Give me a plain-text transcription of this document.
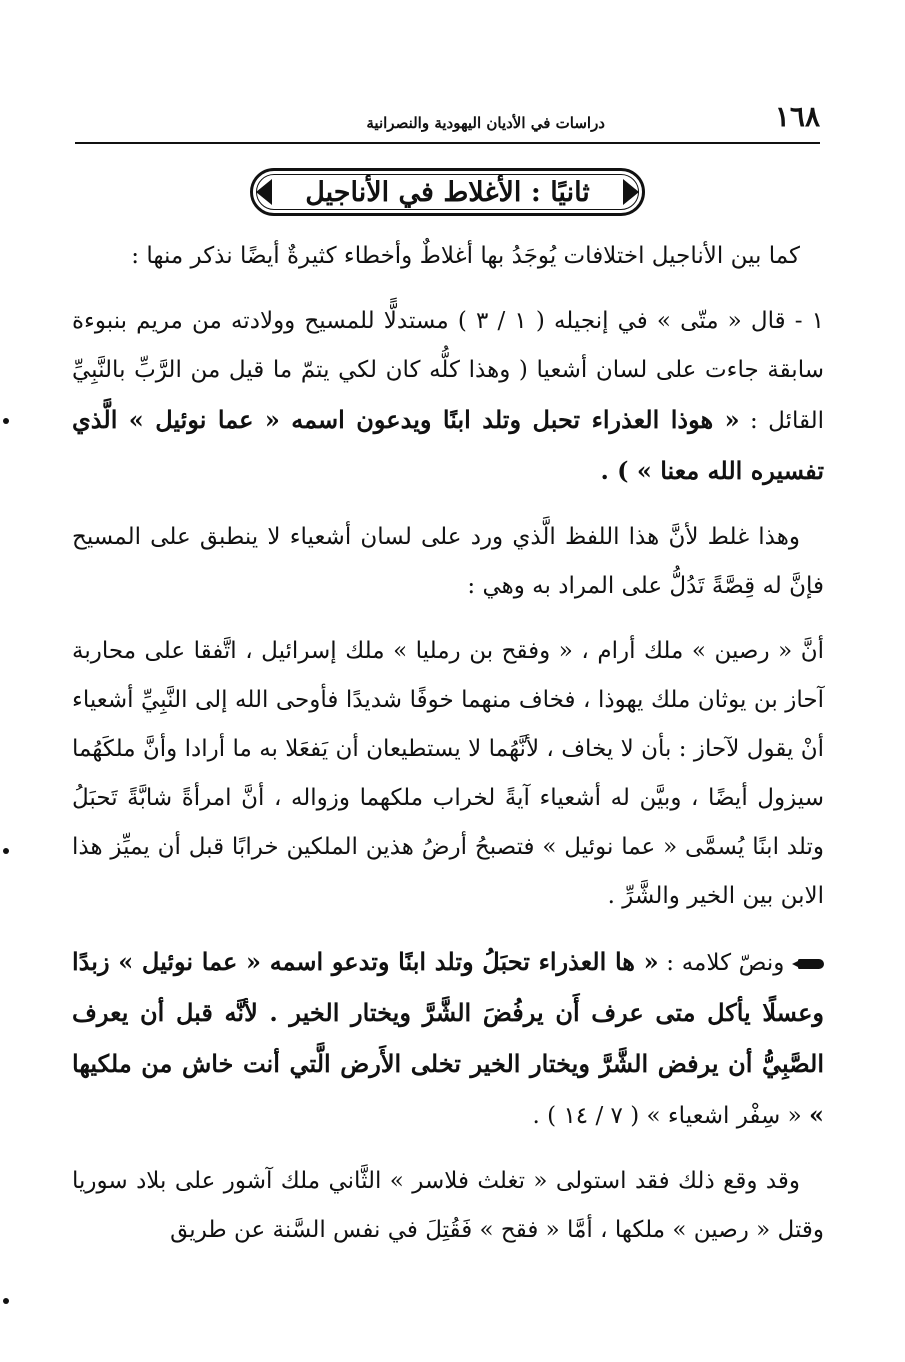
١٦٨
دراسات في الأديان اليهودية والنصرانية
ثانيًا : الأغلاط في الأناجيل

كما بين الأناجيل اختلافات يُوجَدُ بها أغلاطٌ وأخطاء كثيرةٌ أيضًا نذكر منها :

١ - قال « متّى » في إنجيله ( ١ / ٣ ) مستدلًّا للمسيح وولادته من مريم بنبوءة سابقة جاءت على لسان أشعيا ( وهذا كلُّه كان لكي يتمّ ما قيل من الرَّبِّ بالنَّبِيِّ القائل : « هوذا العذراء تحبل وتلد ابنًا ويدعون اسمه « عما نوئيل » الَّذي تفسيره الله معنا » ) .

وهذا غلط لأنَّ هذا اللفظ الَّذي ورد على لسان أشعياء لا ينطبق على المسيح فإنَّ له قِصَّةً تَدُلُّ على المراد به وهي :

أنَّ « رصين » ملك أرام ، « وفقح بن رمليا » ملك إسرائيل ، اتَّفقا على محاربة آحاز بن يوثان ملك يهوذا ، فخاف منهما خوفًا شديدًا فأوحى الله إلى النَّبِيِّ أشعياء أنْ يقول لآحاز : بأن لا يخاف ، لأنَّهُما لا يستطيعان أن يَفعَلا به ما أرادا وأنَّ ملكَهُما سيزول أيضًا ، وبيَّن له أشعياء آيةً لخراب ملكهما وزواله ، أنَّ امرأةً شابَّةً تَحبَلُ وتلد ابنًا يُسمَّى « عما نوئيل » فتصبحُ أرضُ هذين الملكين خرابًا قبل أن يميِّز هذا الابن بين الخير والشَّرِّ .

ونصّ كلامه : « ها العذراء تحبَلُ وتلد ابنًا وتدعو اسمه « عما نوئيل » زبدًا وعسلًا يأكل متى عرف أَن يرفُضَ الشَّرَّ ويختار الخير . لأنَّه قبل أن يعرف الصَّبِيُّ أن يرفض الشَّرَّ ويختار الخير تخلى الأَرض الَّتي أنت خاش من ملكيها » « سِفْر اشعياء » ( ٧ / ١٤ ) .

وقد وقع ذلك فقد استولى « تغلث فلاسر » الثَّاني ملك آشور على بلاد سوريا وقتل « رصين » ملكها ، أمَّا « فقح » فَقُتِلَ في نفس السَّنة عن طريق
